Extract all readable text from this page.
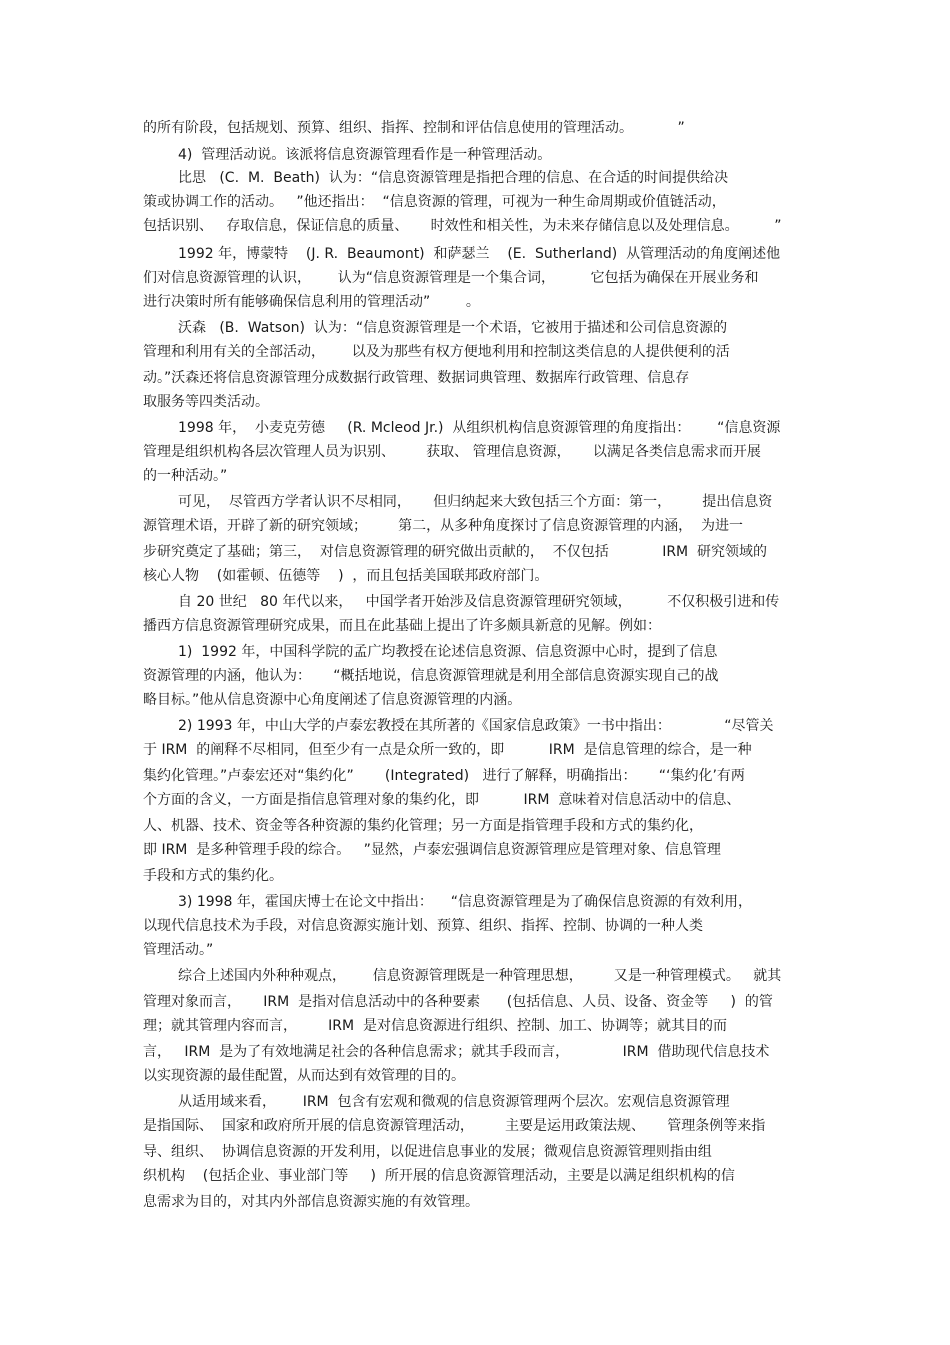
的所有阶段，包括规划、预算、组织、指挥、控制和评估信息使用的管理活动。          ”
4)  管理活动说。该派将信息资源管理看作是一种管理活动。
比思   (C.  M.  Beath)  认为：“信息资源管理是指把合理的信息、在合适的时间提供给决
策或协调工作的活动。   ”他还指出：  “信息资源的管理，可视为一种生命周期或价值链活动，
包括识别、   存取信息，保证信息的质量、     时效性和相关性，为未来存储信息以及处理信息。        ”
1992 年，博蒙特    (J. R.  Beaumont)  和萨瑟兰    (E.  Sutherland)  从管理活动的角度阐述他
们对信息资源管理的认识，      认为“信息资源管理是一个集合词，        它包括为确保在开展业务和
进行决策时所有能够确保信息利用的管理活动”        。
沃森   (B.  Watson)  认为：“信息资源管理是一个术语，它被用于描述和公司信息资源的
管理和利用有关的全部活动，      以及为那些有权方便地利用和控制这类信息的人提供便利的活
动。”沃森还将信息资源管理分成数据行政管理、数据词典管理、数据库行政管理、信息存
取服务等四类活动。
1998 年，  小麦克劳德     (R. Mcleod Jr.)  从组织机构信息资源管理的角度指出：      “信息资源
管理是组织机构各层次管理人员为识别、       获取、 管理信息资源，     以满足各类信息需求而开展
的一种活动。”
可见，  尽管西方学者认识不尽相同，     但归纳起来大致包括三个方面：第一，       提出信息资
源管理术语，开辟了新的研究领域；       第二，从多种角度探讨了信息资源管理的内涵，  为进一
步研究奠定了基础；第三，  对信息资源管理的研究做出贡献的，  不仅包括            IRM  研究领域的
核心人物    (如霍顿、伍德等    )  ，而且包括美国联邦政府部门。
自 20 世纪   80 年代以来，   中国学者开始涉及信息资源管理研究领域，        不仅积极引进和传
播西方信息资源管理研究成果，而且在此基础上提出了许多颇具新意的见解。例如：
1)  1992 年，中国科学院的孟广均教授在论述信息资源、信息资源中心时，提到了信息
资源管理的内涵，他认为：     “概括地说，信息资源管理就是利用全部信息资源实现自己的战
略目标。”他从信息资源中心角度阐述了信息资源管理的内涵。
2) 1993 年，中山大学的卢泰宏教授在其所著的《国家信息政策》一书中指出：            “尽管关
于 IRM  的阐释不尽相同，但至少有一点是众所一致的，即          IRM  是信息管理的综合，是一种
集约化管理。”卢泰宏还对“集约化”       (Integrated)   进行了解释，明确指出：     “‘集约化’有两
个方面的含义，一方面是指信息管理对象的集约化，即          IRM  意味着对信息活动中的信息、
人、机器、技术、资金等各种资源的集约化管理；另一方面是指管理手段和方式的集约化，
即 IRM  是多种管理手段的综合。   ”显然，卢泰宏强调信息资源管理应是管理对象、信息管理
手段和方式的集约化。
3) 1998 年，霍国庆博士在论文中指出：    “信息资源管理是为了确保信息资源的有效利用，
以现代信息技术为手段，对信息资源实施计划、预算、组织、指挥、控制、协调的一种人类
管理活动。”
综合上述国内外种种观点，      信息资源管理既是一种管理思想，       又是一种管理模式。   就其
管理对象而言，     IRM  是指对信息活动中的各种要素      (包括信息、人员、设备、资金等     )  的管
理；就其管理内容而言，       IRM  是对信息资源进行组织、控制、加工、协调等；就其目的而
言，   IRM  是为了有效地满足社会的各种信息需求；就其手段而言，            IRM  借助现代信息技术
以实现资源的最佳配置，从而达到有效管理的目的。
从适用域来看，      IRM  包含有宏观和微观的信息资源管理两个层次。宏观信息资源管理
是指国际、  国家和政府所开展的信息资源管理活动，       主要是运用政策法规、     管理条例等来指
导、组织、  协调信息资源的开发利用，以促进信息事业的发展；微观信息资源管理则指由组
织机构    (包括企业、事业部门等     )  所开展的信息资源管理活动，主要是以满足组织机构的信
息需求为目的，对其内外部信息资源实施的有效管理。
